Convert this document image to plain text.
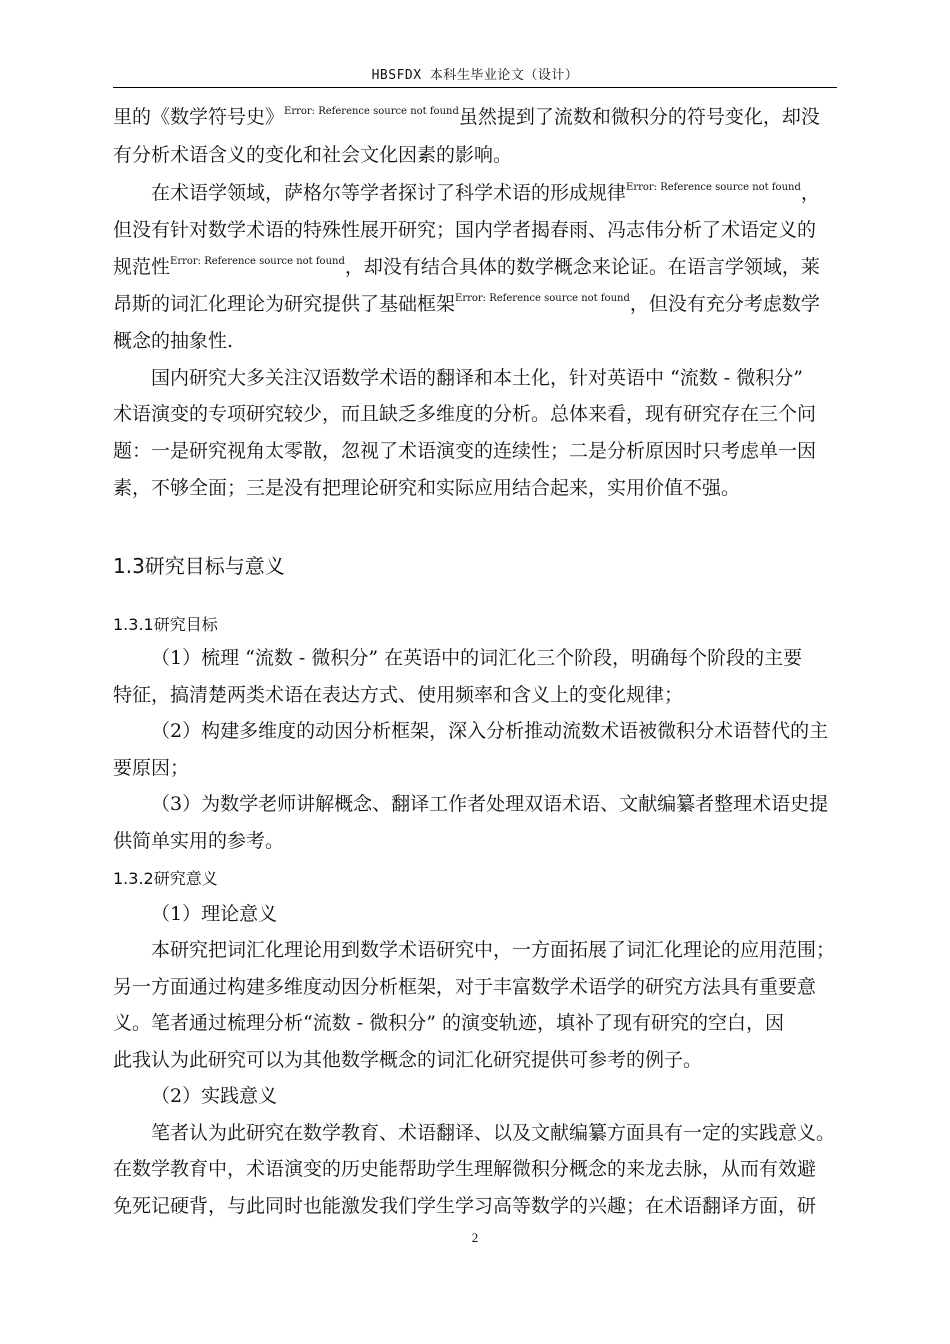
HBSFDX 本科生毕业论文（设计）
里的《数学符号史》$^{Error: Reference source not found}$虽然提到了流数和微积分的符号变化，却没
有分析术语含义的变化和社会文化因素的影响。
在术语学领域，萨格尔等学者探讨了科学术语的形成规律$^{Error: Reference source not found}$，
但没有针对数学术语的特殊性展开研究；国内学者揭春雨、冯志伟分析了术语定义的
规范性$^{Error: Reference source not found}$，却没有结合具体的数学概念来论证。在语言学领域，莱
昂斯的词汇化理论为研究提供了基础框架$^{Error: Reference source not found}$，但没有充分考虑数学
概念的抽象性.
国内研究大多关注汉语数学术语的翻译和本土化，针对英语中 “流数 - 微积分”
术语演变的专项研究较少，而且缺乏多维度的分析。总体来看，现有研究存在三个问
题：一是研究视角太零散，忽视了术语演变的连续性；二是分析原因时只考虑单一因
素，不够全面；三是没有把理论研究和实际应用结合起来，实用价值不强。
1.3研究目标与意义
1.3.1研究目标
（1）梳理 “流数 - 微积分” 在英语中的词汇化三个阶段，明确每个阶段的主要
特征，搞清楚两类术语在表达方式、使用频率和含义上的变化规律；
（2）构建多维度的动因分析框架，深入分析推动流数术语被微积分术语替代的主
要原因；
（3）为数学老师讲解概念、翻译工作者处理双语术语、文献编纂者整理术语史提
供简单实用的参考。
1.3.2研究意义
（1）理论意义
本研究把词汇化理论用到数学术语研究中，一方面拓展了词汇化理论的应用范围；
另一方面通过构建多维度动因分析框架，对于丰富数学术语学的研究方法具有重要意
义。笔者通过梳理分析“流数 - 微积分” 的演变轨迹，填补了现有研究的空白，因
此我认为此研究可以为其他数学概念的词汇化研究提供可参考的例子。
（2）实践意义
笔者认为此研究在数学教育、术语翻译、以及文献编纂方面具有一定的实践意义。
在数学教育中，术语演变的历史能帮助学生理解微积分概念的来龙去脉，从而有效避
免死记硬背，与此同时也能激发我们学生学习高等数学的兴趣；在术语翻译方面，研
2
